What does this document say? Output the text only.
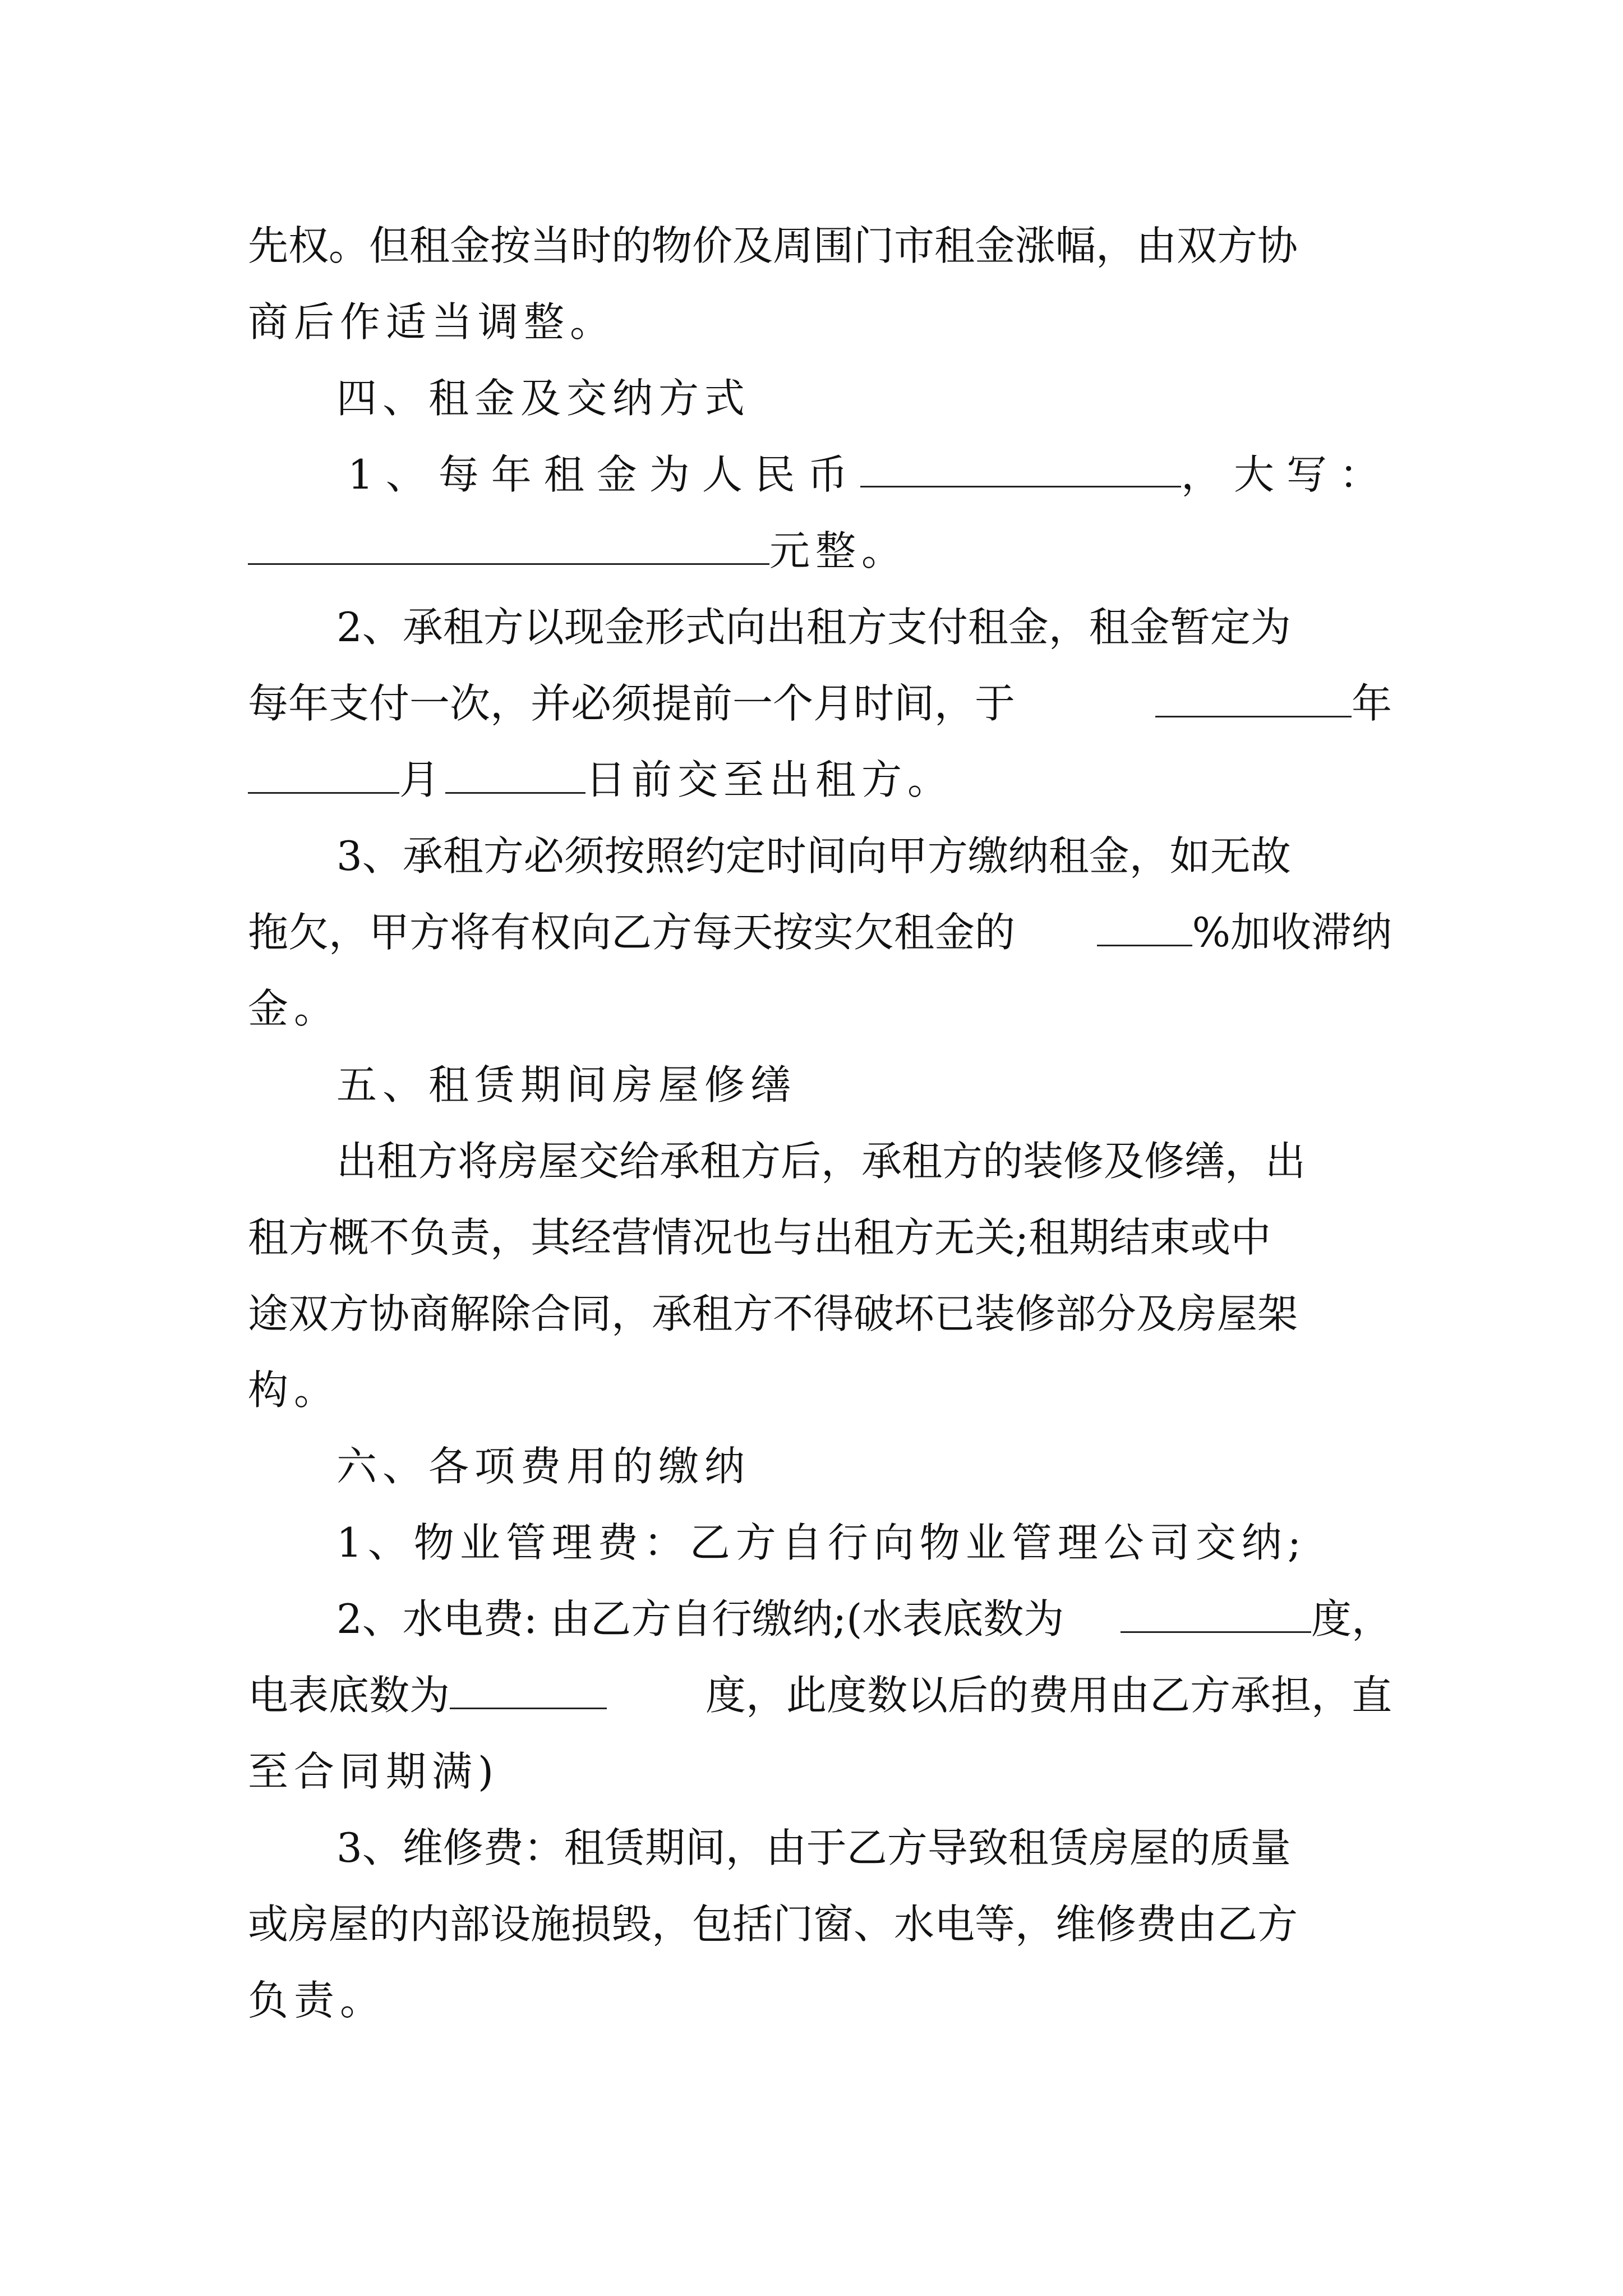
先权。但租金按当时的物价及周围门市租金涨幅，由双方协
商后作适当调整。
四、租金及交纳方式
1、每年租金为人民币	，大写：
元整。
2、承租方以现金形式向出租方支付租金，租金暂定为
每年支付一次，并必须提前一个月时间，于	年
月	日前交至出租方。
3、承租方必须按照约定时间向甲方缴纳租金，如无故
拖欠，甲方将有权向乙方每天按实欠租金的	%加收滞纳
金。
五、租赁期间房屋修缮
出租方将房屋交给承租方后，承租方的装修及修缮，出
租方概不负责，其经营情况也与出租方无关;租期结束或中
途双方协商解除合同，承租方不得破坏已装修部分及房屋架
构。
六、各项费用的缴纳
1、物业管理费：乙方自行向物业管理公司交纳;
2、水电费: 由乙方自行缴纳;(水表底数为	度，
电表底数为	度，此度数以后的费用由乙方承担，直
至合同期满)
3、维修费：租赁期间，由于乙方导致租赁房屋的质量
或房屋的内部设施损毁，包括门窗、水电等，维修费由乙方
负责。
